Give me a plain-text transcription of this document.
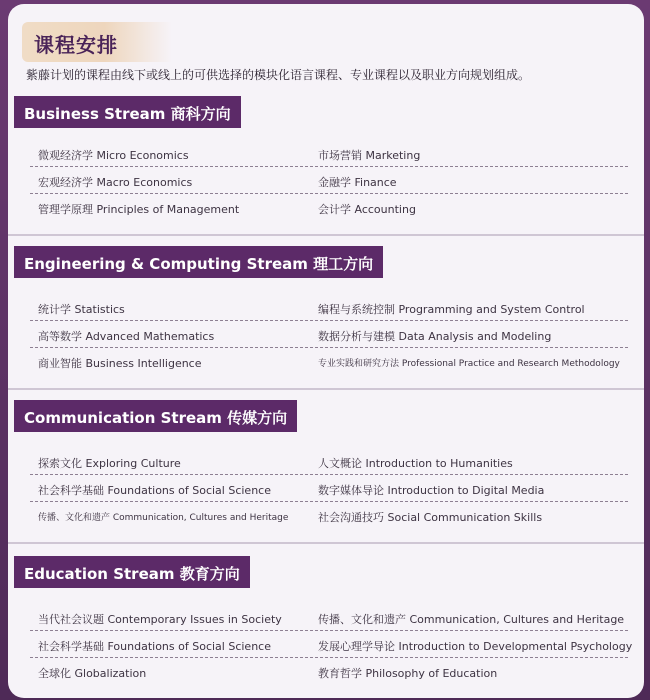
课程安排
紫藤计划的课程由线下或线上的可供选择的模块化语言课程、专业课程以及职业方向规划组成。
Business Stream 商科方向
微观经济学 Micro Economics	市场营销 Marketing
宏观经济学 Macro Economics	金融学 Finance
管理学原理 Principles of Management	会计学 Accounting
Engineering & Computing Stream 理工方向
统计学 Statistics	编程与系统控制 Programming and System Control
高等数学 Advanced Mathematics	数据分析与建模 Data Analysis and Modeling
商业智能 Business Intelligence	专业实践和研究方法 Professional Practice and Research Methodology
Communication Stream 传媒方向
探索文化 Exploring Culture	人文概论 Introduction to Humanities
社会科学基础 Foundations of Social Science	数字媒体导论 Introduction to Digital Media
传播、文化和遗产 Communication, Cultures and Heritage	社会沟通技巧 Social Communication Skills
Education Stream 教育方向
当代社会议题 Contemporary Issues in Society	传播、文化和遗产 Communication, Cultures and Heritage
社会科学基础 Foundations of Social Science	发展心理学导论 Introduction to Developmental Psychology
全球化 Globalization	教育哲学 Philosophy of Education
